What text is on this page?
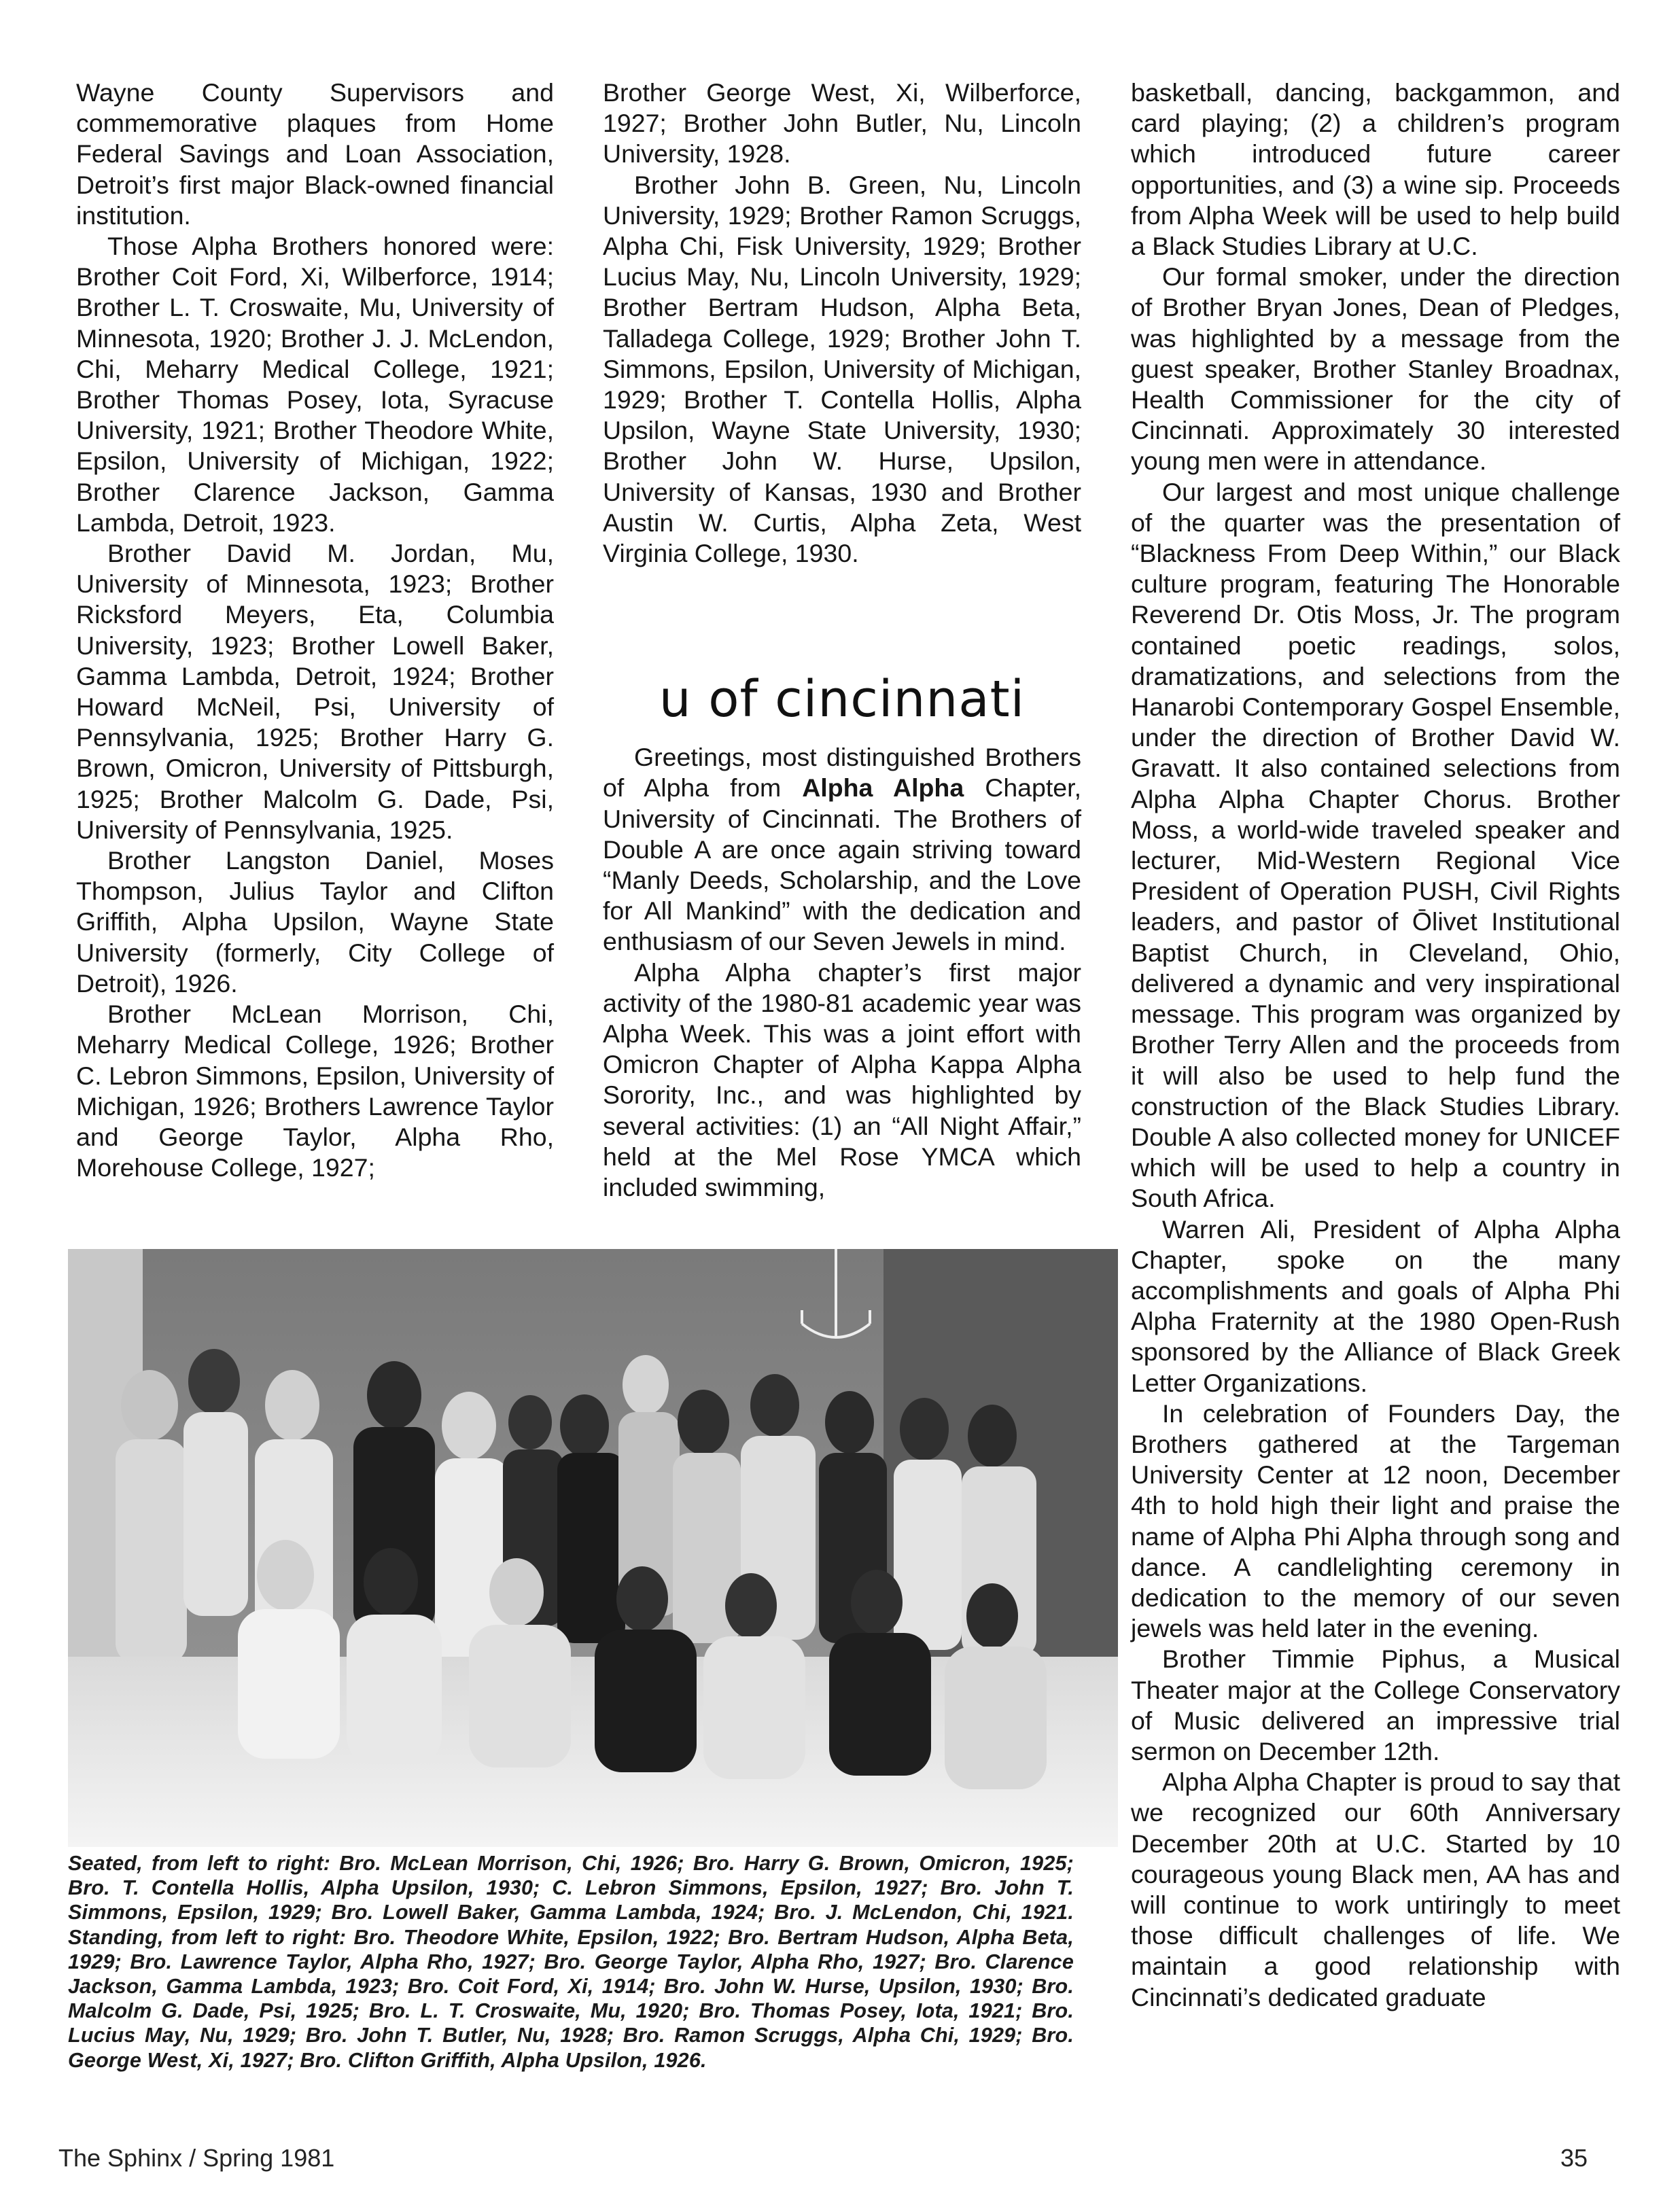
Wayne County Supervisors and commemorative plaques from Home Federal Savings and Loan Association, Detroit’s first major Black-owned financial institution.

Those Alpha Brothers honored were: Brother Coit Ford, Xi, Wilberforce, 1914; Brother L. T. Croswaite, Mu, University of Minnesota, 1920; Brother J. J. McLendon, Chi, Meharry Medical College, 1921; Brother Thomas Posey, Iota, Syracuse University, 1921; Brother Theodore White, Epsilon, University of Michigan, 1922; Brother Clarence Jackson, Gamma Lambda, Detroit, 1923.

Brother David M. Jordan, Mu, University of Minnesota, 1923; Brother Ricksford Meyers, Eta, Columbia University, 1923; Brother Lowell Baker, Gamma Lambda, Detroit, 1924; Brother Howard McNeil, Psi, University of Pennsylvania, 1925; Brother Harry G. Brown, Omicron, University of Pittsburgh, 1925; Brother Malcolm G. Dade, Psi, University of Pennsylvania, 1925.

Brother Langston Daniel, Moses Thompson, Julius Taylor and Clifton Griffith, Alpha Upsilon, Wayne State University (formerly, City College of Detroit), 1926.

Brother McLean Morrison, Chi, Meharry Medical College, 1926; Brother C. Lebron Simmons, Epsilon, University of Michigan, 1926; Brothers Lawrence Taylor and George Taylor, Alpha Rho, Morehouse College, 1927;

Brother George West, Xi, Wilberforce, 1927; Brother John Butler, Nu, Lincoln University, 1928.

Brother John B. Green, Nu, Lincoln University, 1929; Brother Ramon Scruggs, Alpha Chi, Fisk University, 1929; Brother Lucius May, Nu, Lincoln University, 1929; Brother Bertram Hudson, Alpha Beta, Talladega College, 1929; Brother John T. Simmons, Epsilon, University of Michigan, 1929; Brother T. Contella Hollis, Alpha Upsilon, Wayne State University, 1930; Brother John W. Hurse, Upsilon, University of Kansas, 1930 and Brother Austin W. Curtis, Alpha Zeta, West Virginia College, 1930.

u of cincinnati

Greetings, most distinguished Brothers of Alpha from Alpha Alpha Chapter, University of Cincinnati. The Brothers of Double A are once again striving toward “Manly Deeds, Scholarship, and the Love for All Mankind” with the dedication and enthusiasm of our Seven Jewels in mind.

Alpha Alpha chapter’s first major activity of the 1980-81 academic year was Alpha Week. This was a joint effort with Omicron Chapter of Alpha Kappa Alpha Sorority, Inc., and was highlighted by several activities: (1) an “All Night Affair,” held at the Mel Rose YMCA which included swimming,

basketball, dancing, backgammon, and card playing; (2) a children’s program which introduced future career opportunities, and (3) a wine sip. Proceeds from Alpha Week will be used to help build a Black Studies Library at U.C.

Our formal smoker, under the direction of Brother Bryan Jones, Dean of Pledges, was highlighted by a message from the guest speaker, Brother Stanley Broadnax, Health Commissioner for the city of Cincinnati. Approximately 30 interested young men were in attendance.

Our largest and most unique challenge of the quarter was the presentation of “Blackness From Deep Within,” our Black culture program, featuring The Honorable Reverend Dr. Otis Moss, Jr. The program contained poetic readings, solos, dramatizations, and selections from the Hanarobi Contemporary Gospel Ensemble, under the direction of Brother David W. Gravatt. It also contained selections from Alpha Alpha Chapter Chorus. Brother Moss, a world-wide traveled speaker and lecturer, Mid-Western Regional Vice President of Operation PUSH, Civil Rights leaders, and pastor of Ōlivet Institutional Baptist Church, in Cleveland, Ohio, delivered a dynamic and very inspirational message. This program was organized by Brother Terry Allen and the proceeds from it will also be used to help fund the construction of the Black Studies Library. Double A also collected money for UNICEF which will be used to help a country in South Africa.

Warren Ali, President of Alpha Alpha Chapter, spoke on the many accomplishments and goals of Alpha Phi Alpha Fraternity at the 1980 Open-Rush sponsored by the Alliance of Black Greek Letter Organizations.

In celebration of Founders Day, the Brothers gathered at the Targeman University Center at 12 noon, December 4th to hold high their light and praise the name of Alpha Phi Alpha through song and dance. A candlelighting ceremony in dedication to the memory of our seven jewels was held later in the evening.

Brother Timmie Piphus, a Musical Theater major at the College Conservatory of Music delivered an impressive trial sermon on December 12th.

Alpha Alpha Chapter is proud to say that we recognized our 60th Anniversary December 20th at U.C. Started by 10 courageous young Black men, AA has and will continue to work untiringly to meet those difficult challenges of life. We maintain a good relationship with Cincinnati’s dedicated graduate

Seated, from left to right: Bro. McLean Morrison, Chi, 1926; Bro. Harry G. Brown, Omicron, 1925; Bro. T. Contella Hollis, Alpha Upsilon, 1930; C. Lebron Simmons, Epsilon, 1927; Bro. John T. Simmons, Epsilon, 1929; Bro. Lowell Baker, Gamma Lambda, 1924; Bro. J. McLendon, Chi, 1921. Standing, from left to right: Bro. Theodore White, Epsilon, 1922; Bro. Bertram Hudson, Alpha Beta, 1929; Bro. Lawrence Taylor, Alpha Rho, 1927; Bro. George Taylor, Alpha Rho, 1927; Bro. Clarence Jackson, Gamma Lambda, 1923; Bro. Coit Ford, Xi, 1914; Bro. John W. Hurse, Upsilon, 1930; Bro. Malcolm G. Dade, Psi, 1925; Bro. L. T. Croswaite, Mu, 1920; Bro. Thomas Posey, Iota, 1921; Bro. Lucius May, Nu, 1929; Bro. John T. Butler, Nu, 1928; Bro. Ramon Scruggs, Alpha Chi, 1929; Bro. George West, Xi, 1927; Bro. Clifton Griffith, Alpha Upsilon, 1926.
The Sphinx / Spring 1981	35
